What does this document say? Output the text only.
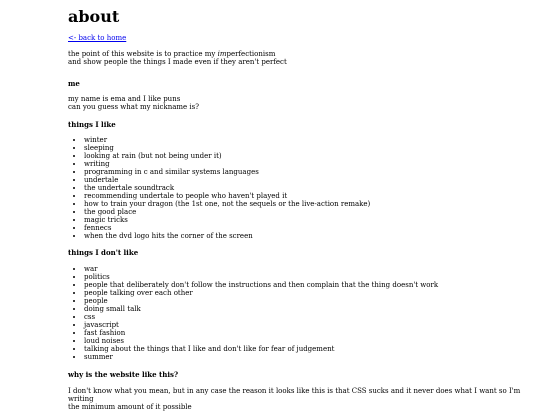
about
<- back to home
the point of this website is to practice my imperfectionism
and show people the things I made even if they aren't perfect
me
my name is ema and I like puns
can you guess what my nickname is?
things I like
• winter
• sleeping
• looking at rain (but not being under it)
• writing
• programming in c and similar systems languages
• undertale
• the undertale soundtrack
• recommending undertale to people who haven't played it
• how to train your dragon (the 1st one, not the sequels or the live-action remake)
• the good place
• magic tricks
• fennecs
• when the dvd logo hits the corner of the screen
things I don't like
• war
• politics
• people that deliberately don't follow the instructions and then complain that the thing doesn't work
• people talking over each other
• people
• doing small talk
• css
• javascript
• fast fashion
• loud noises
• talking about the things that I like and don't like for fear of judgement
• summer
why is the website like this?
I don't know what you mean, but in any case the reason it looks like this is that CSS sucks and it never does what I want so I'm writing
the minimum amount of it possible
